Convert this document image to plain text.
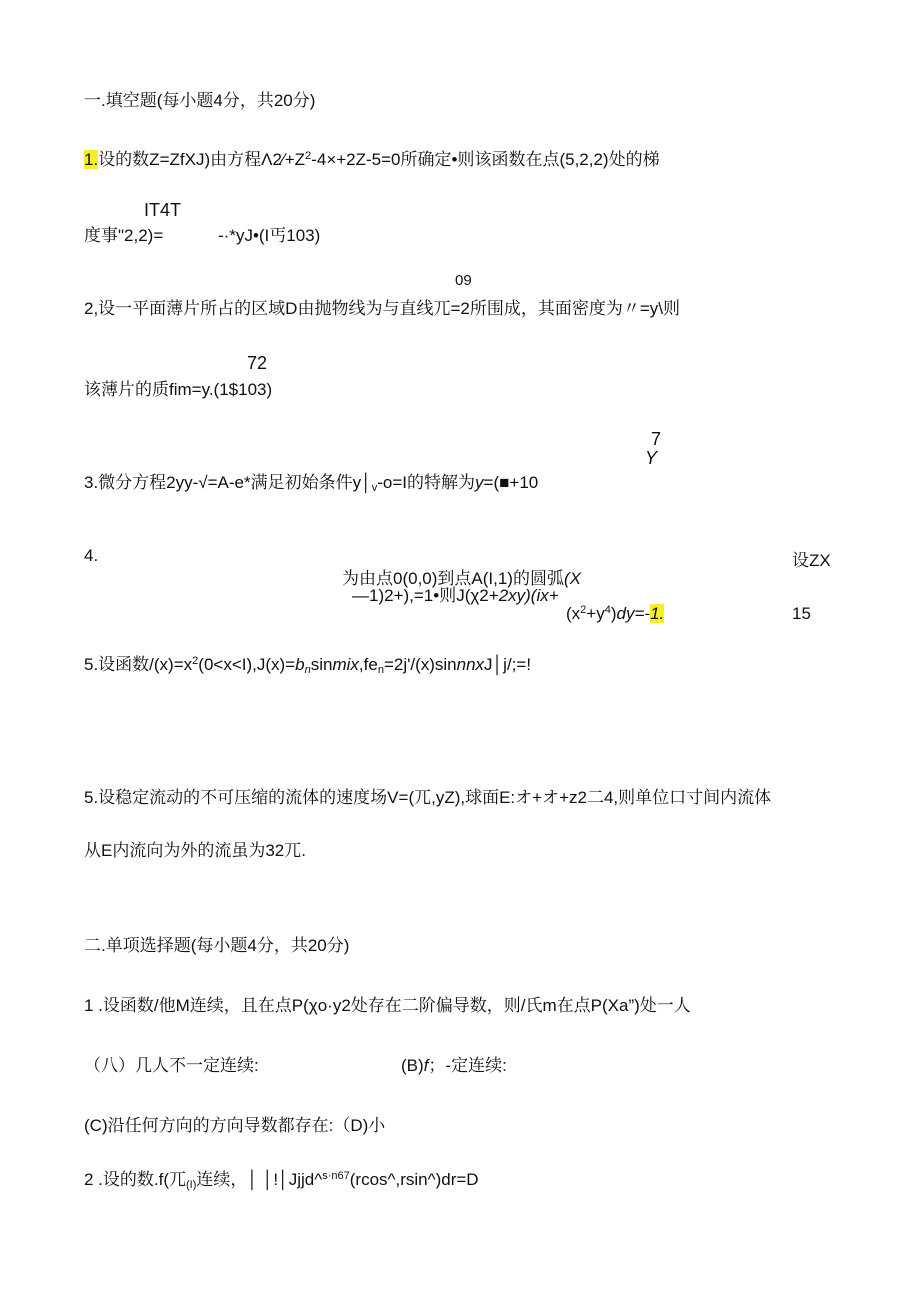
一.填空题(每小题4分，共20分)
1.设的数Z=ZfXJ)由方程$\Lambda 2∕+Z^2-4\times+2Z-5=0$所确定•则该函数在点(5,2,2)处的梯
IT4T
度事"2,2)=	-·*yJ•(I丐103)
09
2,设一平面薄片所占的区域D由抛物线为与直线兀=2所围成，其面密度为〃=y\则
72
该薄片的质fim=y.(1$103)
7
Y
3.微分方程2yy-√=A-e*满足初始条件$y│_v-o=I$的特解为y=(■+10
4.	设ZX
为由点0(0,0)到点A(I,1)的圆弧(X
—1)2+),=1•则J(χ2+2xy)(ix+
$(x^2+y^4)dy=-1$.	15
5.设函数$/(x)=x^2(0<x<I),J(x)=b_nsinmix,fe_n=2j'/(x)sinnnxJ│j/;=$!
5.设稳定流动的不可压缩的流体的速度场V=(兀,yZ),球面E:オ+オ+z2二4,则单位口寸间内流体
从E内流向为外的流虽为32兀.
二.单项选择题(每小题4分，共20分)
1 .设函数/他M连续，且在点P(χo·y2处存在二阶偏导数，则/氏m在点P(Xa”)处一人
（八）几人不一定连续:	(B)f；-定连续:
(C)沿任何方向的方向导数都存在:（D)小
2 .设的数.f(兀$_{(I)}$连续，│ │!│Jjjd^$^{s\cdot n67}$(rcos^,rsin^)dr=D
